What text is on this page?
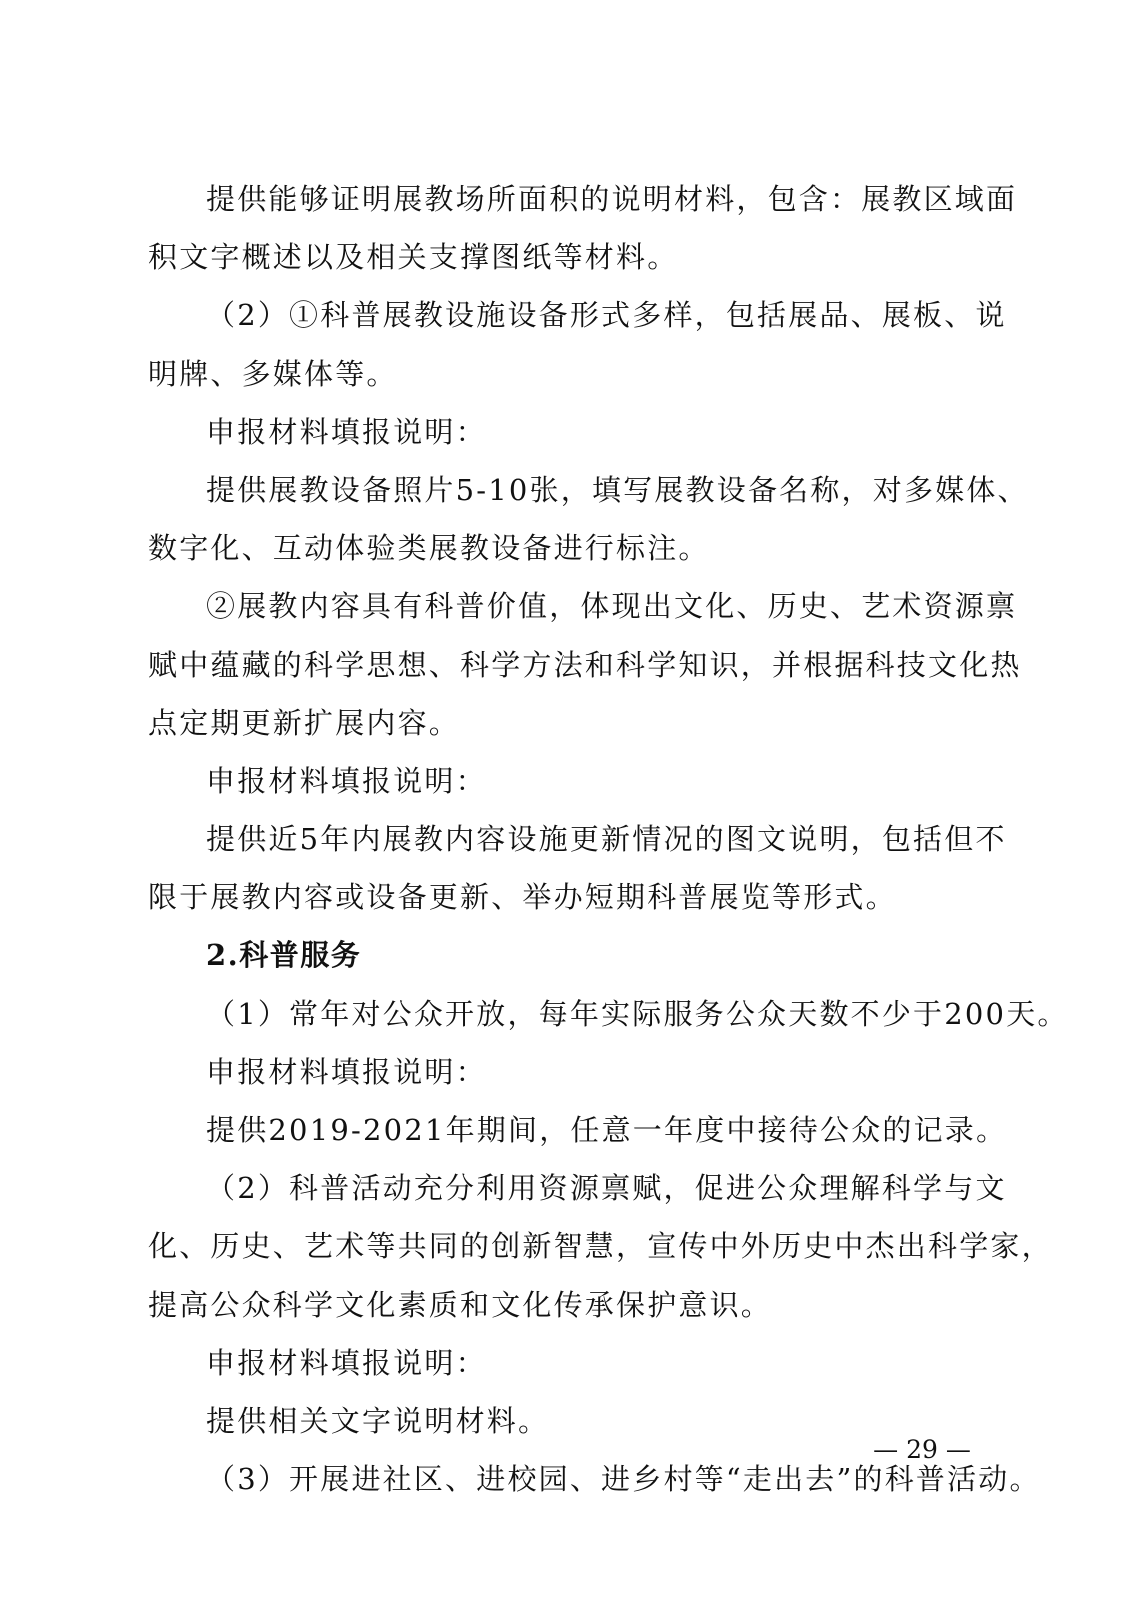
提供能够证明展教场所面积的说明材料，包含：展教区域面
积文字概述以及相关支撑图纸等材料。
（2）①科普展教设施设备形式多样，包括展品、展板、说
明牌、多媒体等。
申报材料填报说明：
提供展教设备照片5-10张，填写展教设备名称，对多媒体、
数字化、互动体验类展教设备进行标注。
②展教内容具有科普价值，体现出文化、历史、艺术资源禀
赋中蕴藏的科学思想、科学方法和科学知识，并根据科技文化热
点定期更新扩展内容。
申报材料填报说明：
提供近5年内展教内容设施更新情况的图文说明，包括但不
限于展教内容或设备更新、举办短期科普展览等形式。
2.科普服务
（1）常年对公众开放，每年实际服务公众天数不少于200天。
申报材料填报说明：
提供2019-2021年期间，任意一年度中接待公众的记录。
（2）科普活动充分利用资源禀赋，促进公众理解科学与文
化、历史、艺术等共同的创新智慧，宣传中外历史中杰出科学家，
提高公众科学文化素质和文化传承保护意识。
申报材料填报说明：
提供相关文字说明材料。
（3）开展进社区、进校园、进乡村等“走出去”的科普活动。
— 29 —
